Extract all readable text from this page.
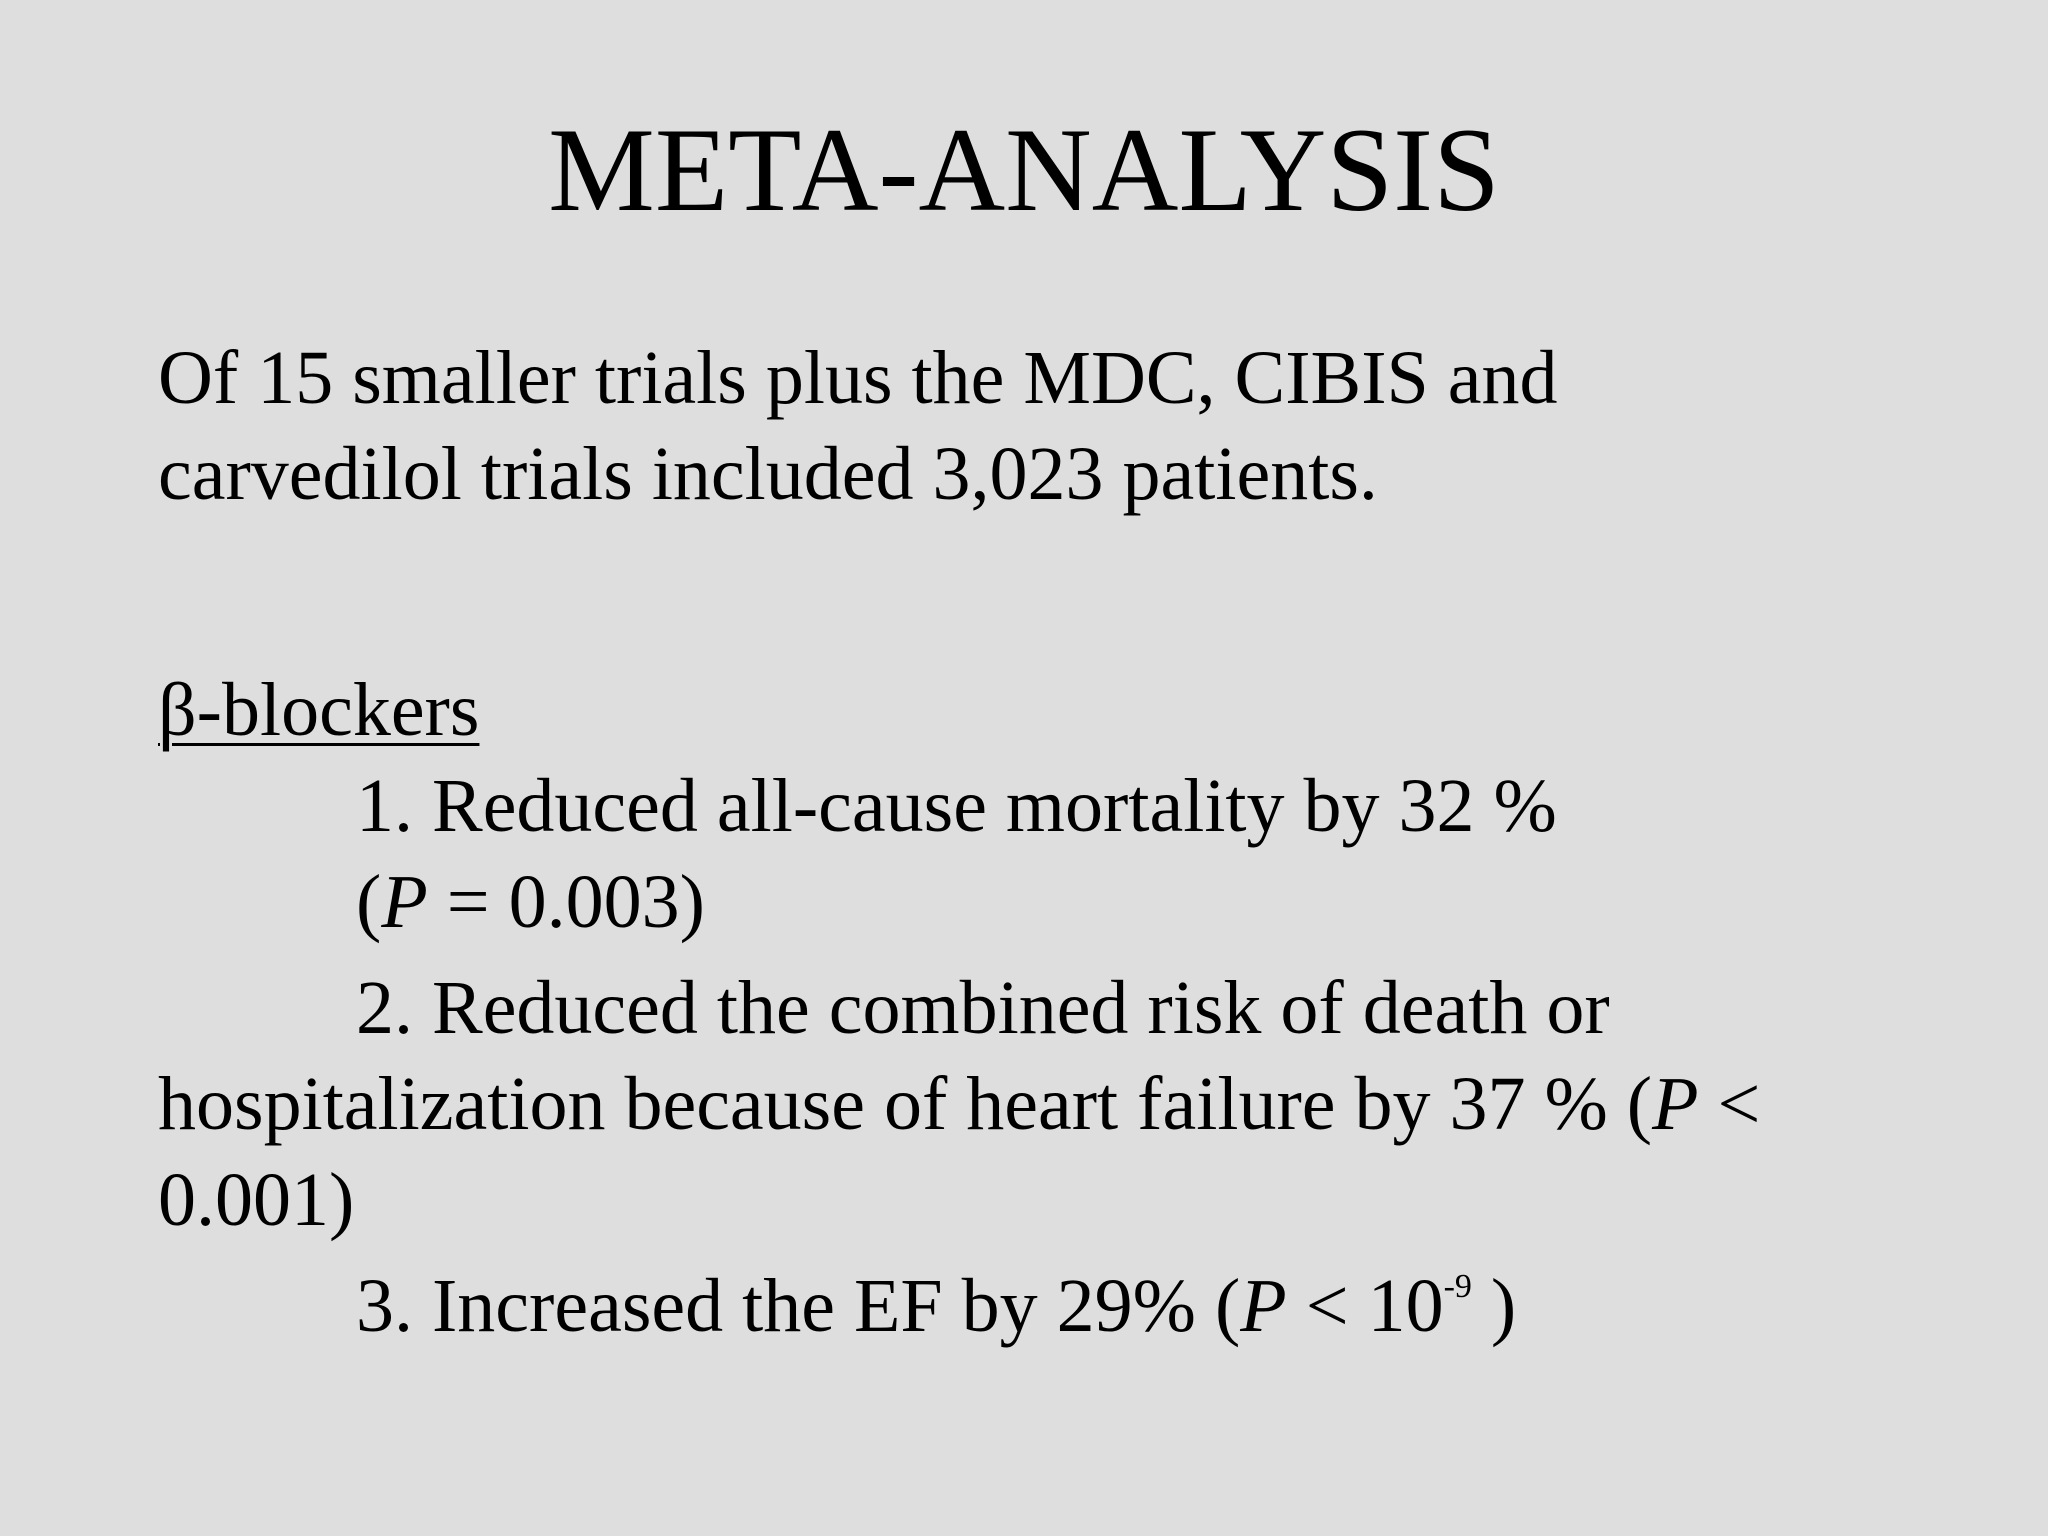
META-ANALYSIS
Of 15 smaller trials plus the MDC, CIBIS and
carvedilol trials included 3,023 patients.
β-blockers
1. Reduced all-cause mortality by 32 %
(P = 0.003)
2. Reduced the combined risk of death or
hospitalization because of heart failure by 37 % (P <
0.001)
3. Increased the EF by 29% ($P < 10^{-9}$ )
